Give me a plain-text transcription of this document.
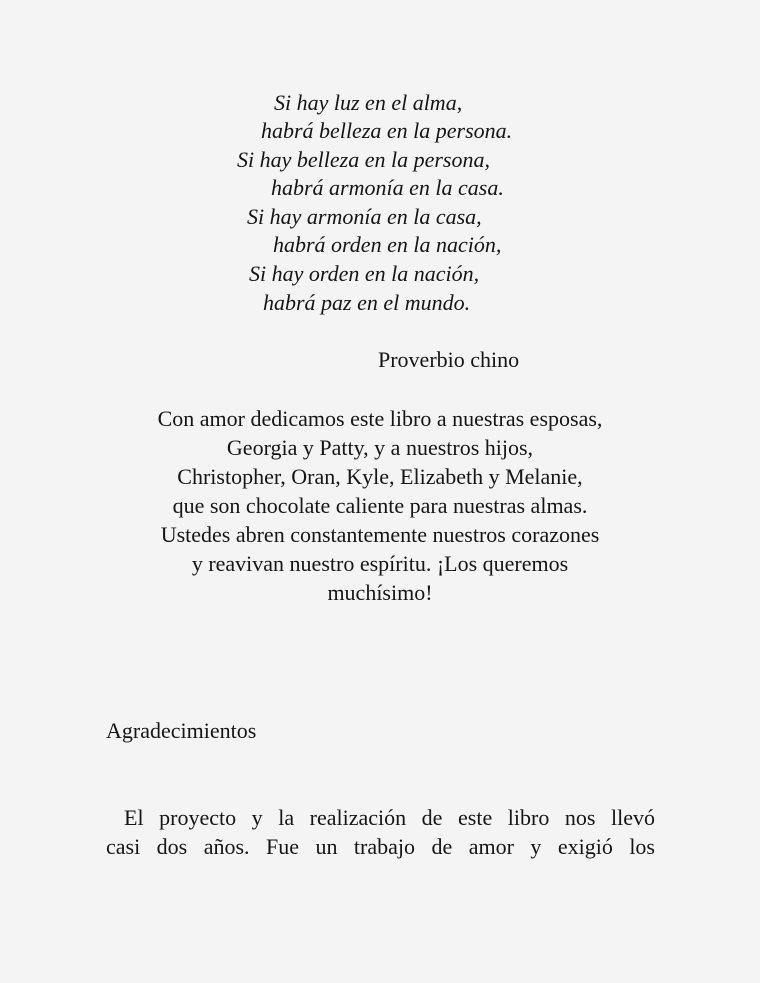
Si hay luz en el alma,
habrá belleza en la persona.
Si hay belleza en la persona,
habrá armonía en la casa.
Si hay armonía en la casa,
habrá orden en la nación,
Si hay orden en la nación,
habrá paz en el mundo.
Proverbio chino
Con amor dedicamos este libro a nuestras esposas,
Georgia y Patty, y a nuestros hijos,
Christopher, Oran, Kyle, Elizabeth y Melanie,
que son chocolate caliente para nuestras almas.
Ustedes abren constantemente nuestros corazones
y reavivan nuestro espíritu. ¡Los queremos
muchísimo!
Agradecimientos
El proyecto y la realización de este libro nos llevó
casi dos años. Fue un trabajo de amor y exigió los
